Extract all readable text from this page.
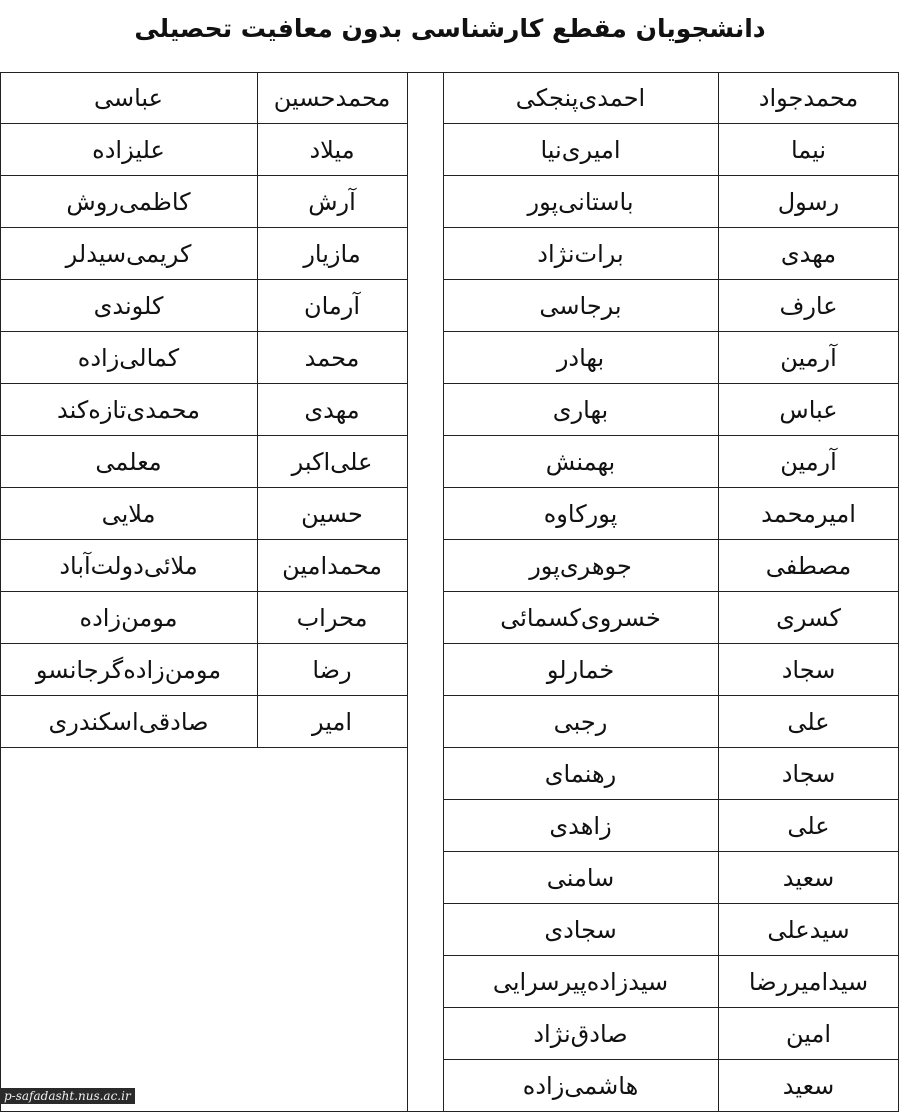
دانشجویان مقطع کارشناسی بدون معافیت تحصیلی
محمدجواد
نیما
رسول
مهدی
عارف
آرمین
عباس
آرمین
امیرمحمد
مصطفی
کسری
سجاد
علی
سجاد
علی
سعید
سیدعلی
سیدامیررضا
امین
سعید
احمدی‌پنجکی
امیری‌نیا
باستانی‌پور
برات‌نژاد
برجاسی
بهادر
بهاری
بهمنش
پورکاوه
جوهری‌پور
خسروی‌کسمائی
خمارلو
رجبی
رهنمای
زاهدی
سامنی
سجادی
سیدزاده‌پیرسرایی
صادق‌نژاد
هاشمی‌زاده
محمدحسین
میلاد
آرش
مازیار
آرمان
محمد
مهدی
علی‌اکبر
حسین
محمدامین
محراب
رضا
امیر
عباسی
علیزاده
کاظمی‌روش
کریمی‌سیدلر
کلوندی
کمالی‌زاده
محمدی‌تازه‌کند
معلمی
ملایی
ملائی‌دولت‌آباد
مومن‌زاده
مومن‌زاده‌گرجانسو
صادقی‌اسکندری
p-safadasht.nus.ac.ir
